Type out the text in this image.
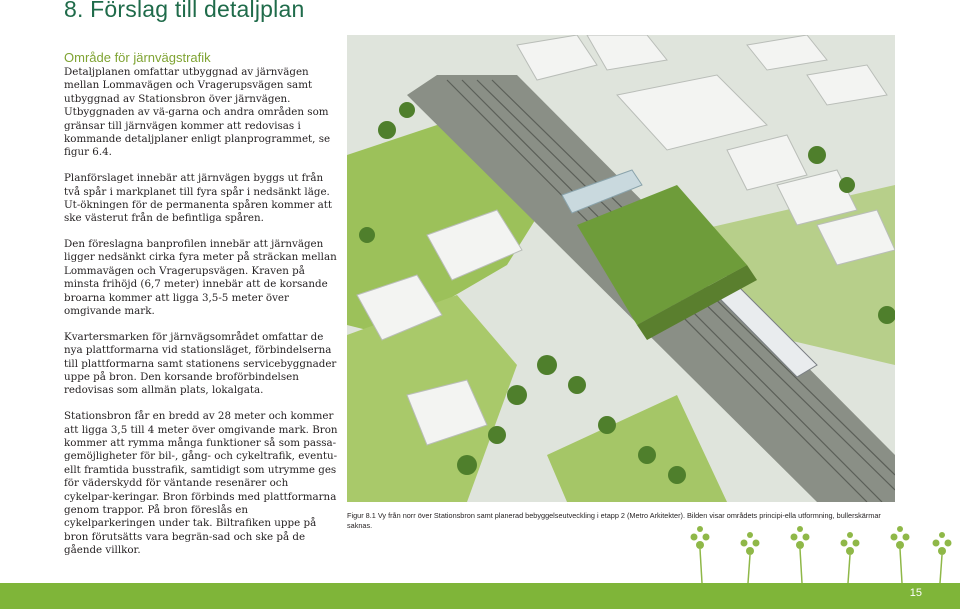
8. Förslag till detaljplan

Område för järnvägstrafik

Detaljplanen omfattar utbyggnad av järnvägen mellan Lommavägen och Vragerupsvägen samt utbyggnad av Stationsbron över järnvägen. Utbyggnaden av vä-garna och andra områden som gränsar till järnvägen kommer att redovisas i kommande detaljplaner enligt planprogrammet, se figur 6.4.

Planförslaget innebär att järnvägen byggs ut från två spår i markplanet till fyra spår i nedsänkt läge. Ut-ökningen för de permanenta spåren kommer att ske västerut från de befintliga spåren.

Den föreslagna banprofilen innebär att järnvägen ligger nedsänkt cirka fyra meter på sträckan mellan Lommavägen och Vragerupsvägen. Kraven på minsta frihöjd (6,7 meter) innebär att de korsande broarna kommer att ligga 3,5-5 meter över omgivande mark.

Kvartersmarken för järnvägsområdet omfattar de nya plattformarna vid stationsläget, förbindelserna till plattformarna samt stationens servicebyggnader uppe på bron. Den korsande broförbindelsen redovisas som allmän plats, lokalgata.

Stationsbron får en bredd av 28 meter och kommer att ligga 3,5 till 4 meter över omgivande mark. Bron kommer att rymma många funktioner så som passa-gemöjligheter för bil-, gång- och cykeltrafik, eventu-ellt framtida busstrafik, samtidigt som utrymme ges för väderskydd för väntande resenärer och cykelpar-keringar. Bron förbinds med plattformarna genom trappor. På bron föreslås en cykelparkeringen under tak. Biltrafiken uppe på bron förutsätts vara begrän-sad och ske på de gående villkor.

Figur 8.1 Vy från norr över Stationsbron samt planerad bebyggelseutveckling i etapp 2 (Metro Arkitekter). Bilden visar områdets principi-ella utformning, bullerskärmar saknas.
15
